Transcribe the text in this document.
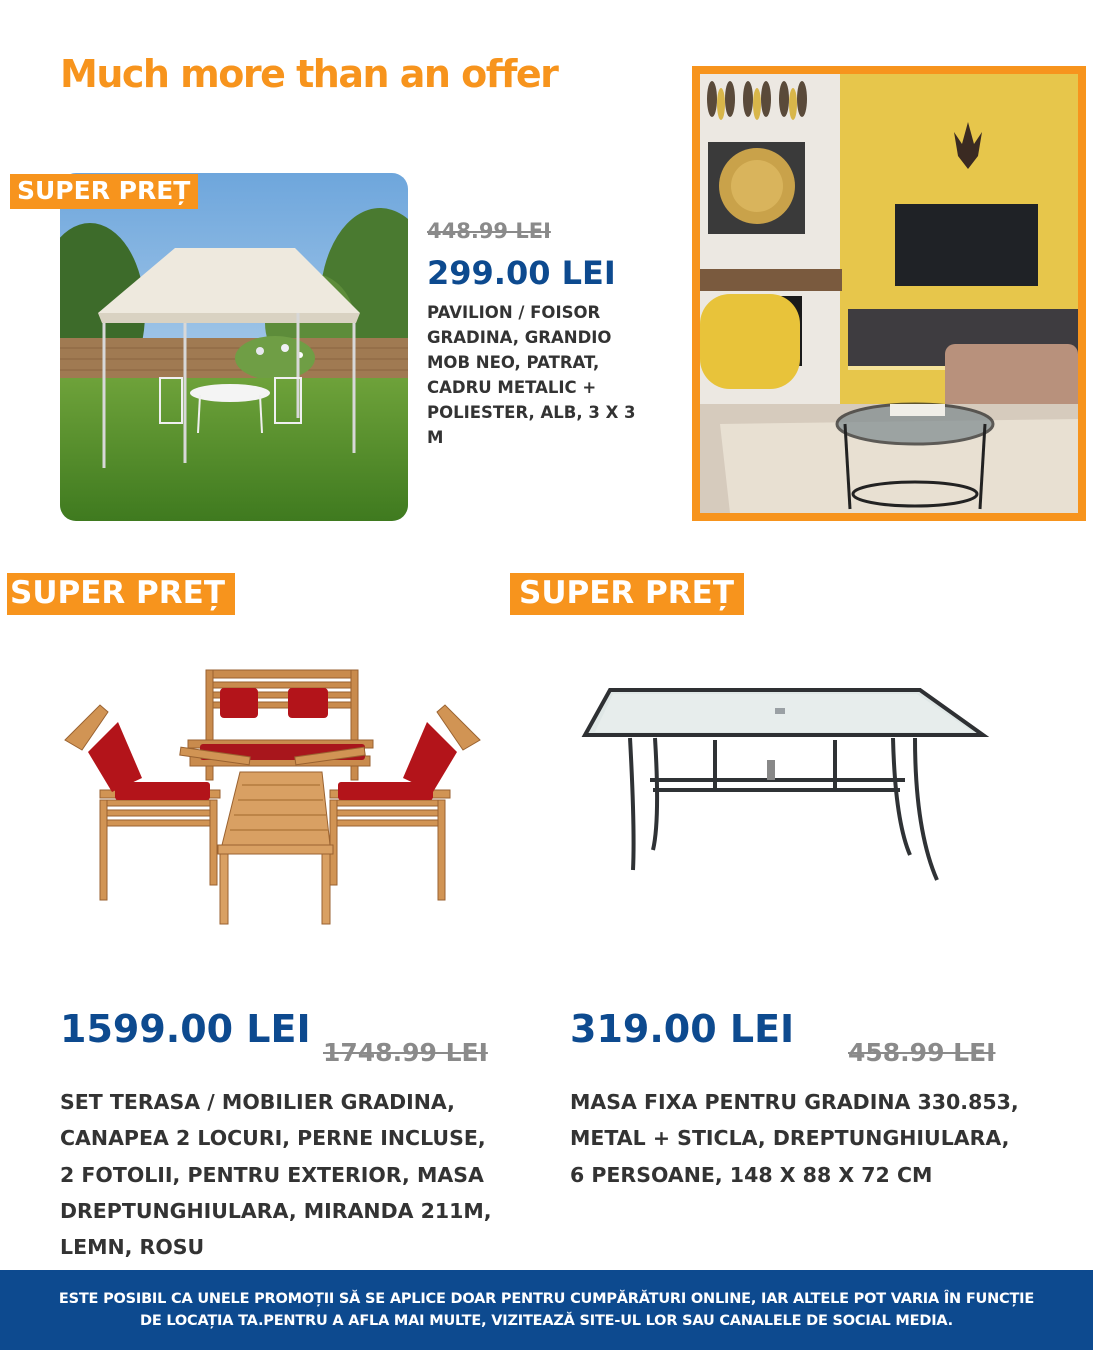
Much more than an offer
SUPER PREȚ
448.99 LEI
299.00 LEI
PAVILION / FOISOR GRADINA, GRANDIO MOB NEO, PATRAT, CADRU METALIC + POLIESTER, ALB, 3 X 3 M
SUPER PREȚ
1599.00 LEI
1748.99 LEI
SET TERASA / MOBILIER GRADINA, CANAPEA 2 LOCURI, PERNE INCLUSE, 2 FOTOLII, PENTRU EXTERIOR, MASA DREPTUNGHIULARA, MIRANDA 211M, LEMN, ROSU
SUPER PREȚ
319.00 LEI
458.99 LEI
MASA FIXA PENTRU GRADINA 330.853, METAL + STICLA, DREPTUNGHIULARA, 6 PERSOANE, 148 X 88 X 72 CM

ESTE POSIBIL CA UNELE PROMOȚII SĂ SE APLICE DOAR PENTRU CUMPĂRĂTURI ONLINE, IAR ALTELE POT VARIA ÎN FUNCȚIE DE LOCAȚIA TA.PENTRU A AFLA MAI MULTE, VIZITEAZĂ SITE-UL LOR SAU CANALELE DE SOCIAL MEDIA.
